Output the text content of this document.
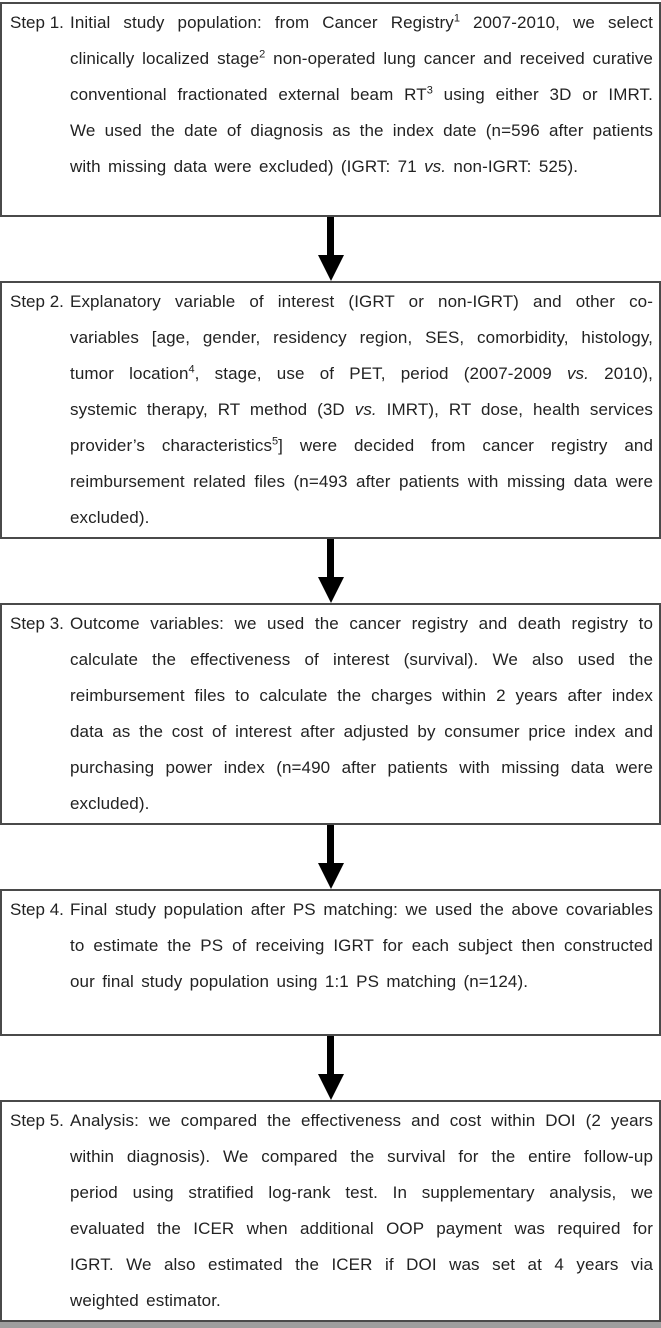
Step 1. Initial study population: from Cancer Registry$^1$ 2007-2010, we select clinically localized stage$^2$ non-operated lung cancer and received curative conventional fractionated external beam $RT^3$ using either 3D or IMRT. We used the date of diagnosis as the index date (n=596 after patients with missing data were excluded) (IGRT: 71 vs. non-IGRT: 525).

Step 2. Explanatory variable of interest (IGRT or non-IGRT) and other co-variables [age, gender, residency region, SES, comorbidity, histology, tumor location$^4$, stage, use of PET, period (2007-2009 vs. 2010), systemic therapy, RT method (3D vs. IMRT), RT dose, health services provider’s characteristics$^5$] were decided from cancer registry and reimbursement related files (n=493 after patients with missing data were excluded).

Step 3. Outcome variables: we used the cancer registry and death registry to calculate the effectiveness of interest (survival). We also used the reimbursement files to calculate the charges within 2 years after index data as the cost of interest after adjusted by consumer price index and purchasing power index (n=490 after patients with missing data were excluded).

Step 4. Final study population after PS matching: we used the above covariables to estimate the PS of receiving IGRT for each subject then constructed our final study population using 1:1 PS matching (n=124).

Step 5. Analysis: we compared the effectiveness and cost within DOI (2 years within diagnosis). We compared the survival for the entire follow-up period using stratified log-rank test. In supplementary analysis, we evaluated the ICER when additional OOP payment was required for IGRT. We also estimated the ICER if DOI was set at 4 years via weighted estimator.
